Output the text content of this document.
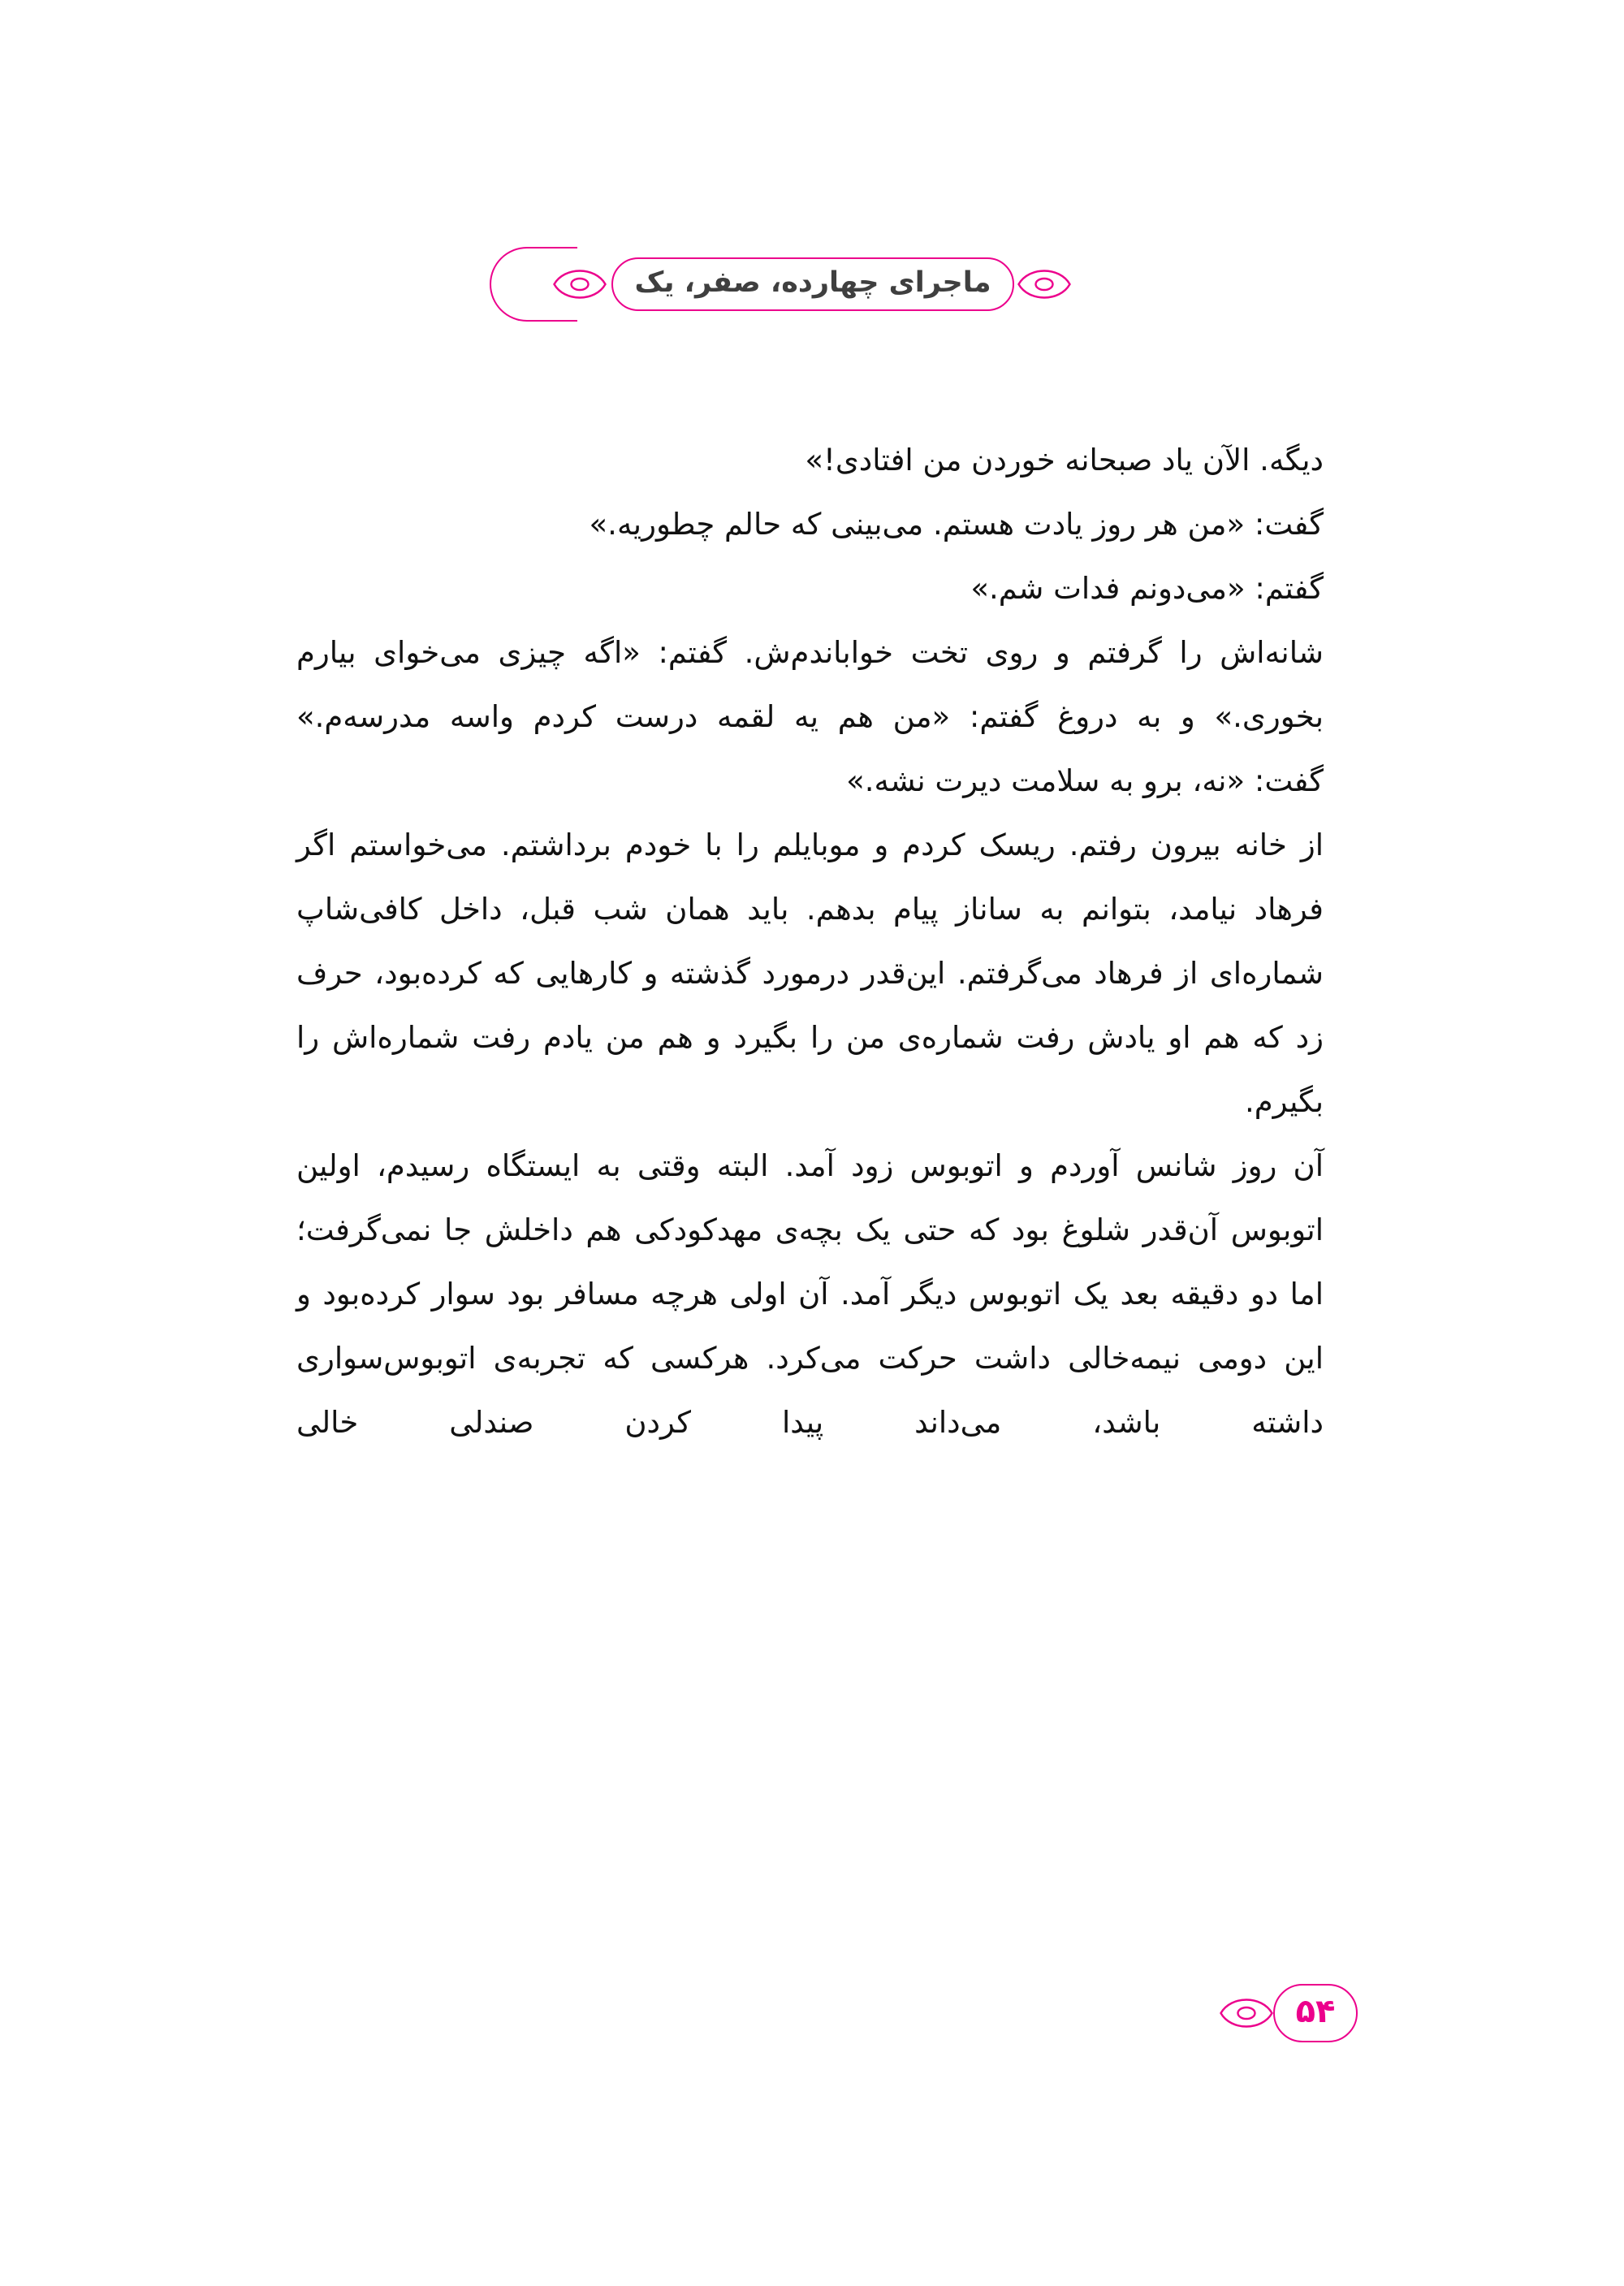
ماجرای چهارده، صفر، یک

دیگه. الآن یاد صبحانه خوردن من افتادی!»

گفت: «من هر روز یادت هستم. می‌بینی که حالم چطوریه.»

گفتم: «می‌دونم فدات شم.»

شانه‌اش را گرفتم و روی تخت خواباندم‌ش. گفتم: «اگه چیزی می‌خوای بیارم بخوری.» و به دروغ گفتم: «من هم یه لقمه درست کردم واسه مدرسه‌م.»

گفت: «نه، برو به سلامت دیرت نشه.»

از خانه بیرون رفتم. ریسک کردم و موبایلم را با خودم برداشتم. می‌خواستم اگر فرهاد نیامد، بتوانم به ساناز پیام بدهم. باید همان شب قبل، داخل کافی‌شاپ شماره‌ای از فرهاد می‌گرفتم. این‌قدر درمورد گذشته و کارهایی که کرده‌بود، حرف زد که هم او یادش رفت شماره‌ی من را بگیرد و هم من یادم رفت شماره‌اش را بگیرم.

آن روز شانس آوردم و اتوبوس زود آمد. البته وقتی به ایستگاه رسیدم، اولین اتوبوس آن‌قدر شلوغ بود که حتی یک بچه‌ی مهدکودکی هم داخلش جا نمی‌گرفت؛ اما دو دقیقه بعد یک اتوبوس دیگر آمد. آن اولی هرچه مسافر بود سوار کرده‌بود و این دومی نیمه‌خالی داشت حرکت می‌کرد. هرکسی که تجربه‌ی اتوبوس‌سواری داشته باشد، می‌داند پیدا کردن صندلی خالی

۵۴
